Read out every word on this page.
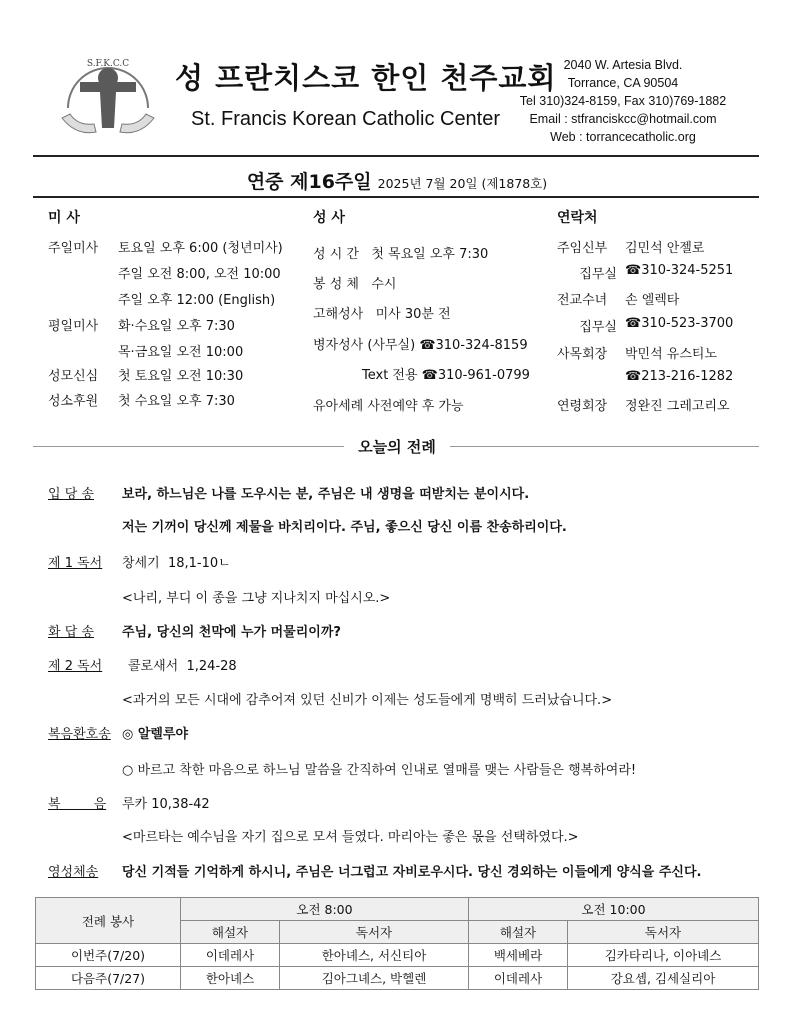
S.F.K.C.C 성 프란치스코 한인 천주교회
St. Francis Korean Catholic Center
2040 W. Artesia Blvd.
Torrance, CA 90504
Tel 310)324-8159, Fax 310)769-1882
Email : stfranciskcc@hotmail.com
Web : torrancecatholic.org
연중 제16주일 2025년 7월 20일 (제1878호)
미 사
주일미사 토요일 오후 6:00 (청년미사)
주일 오전 8:00, 오전 10:00
주일 오후 12:00 (English)
평일미사 화·수요일 오후 7:30
목·금요일 오전 10:00
성모신심 첫 토요일 오전 10:30
성소후원 첫 수요일 오후 7:30
성 사
성 시 간   첫 목요일 오후 7:30
봉 성 체   수시
고해성사   미사 30분 전
병자성사 (사무실) ☎310-324-8159
Text 전용 ☎310-961-0799
유아세례 사전예약 후 가능
연락처
주임신부 김민석 안젤로
집무실 ☎310-324-5251
전교수녀 손 엘렉타
집무실 ☎310-523-3700
사목회장 박민석 유스티노
☎213-216-1282
연령회장 정완진 그레고리오
오늘의 전례
입 당 송 보라, 하느님은 나를 도우시는 분, 주님은 내 생명을 떠받치는 분이시다.
저는 기꺼이 당신께 제물을 바치리이다. 주님, 좋으신 당신 이름 찬송하리이다.
제 1 독서 창세기  18,1-10ㄴ
<나리, 부디 이 종을 그냥 지나치지 마십시오.>
화 답 송 주님, 당신의 천막에 누가 머물리이까?
제 2 독서 콜로새서  1,24-28
<과거의 모든 시대에 감추어져 있던 신비가 이제는 성도들에게 명백히 드러났습니다.>
복음환호송 ◎ 알렐루야
○ 바르고 착한 마음으로 하느님 말씀을 간직하여 인내로 열매를 맺는 사람들은 행복하여라!
복        음 루카 10,38-42
<마르타는 예수님을 자기 집으로 모셔 들였다. 마리아는 좋은 몫을 선택하였다.>
영성체송 당신 기적들 기억하게 하시니, 주님은 너그럽고 자비로우시다. 당신 경외하는 이들에게 양식을 주신다.
전례 봉사	오전 8:00		오전 10:00	
	해설자	독서자	해설자	독서자
이번주(7/20)	이데레사	한아녜스, 서신티아	백세베라	김카타리나, 이아녜스
다음주(7/27)	한아녜스	김아그녜스, 박헬렌	이데레사	강요셉, 김세실리아
